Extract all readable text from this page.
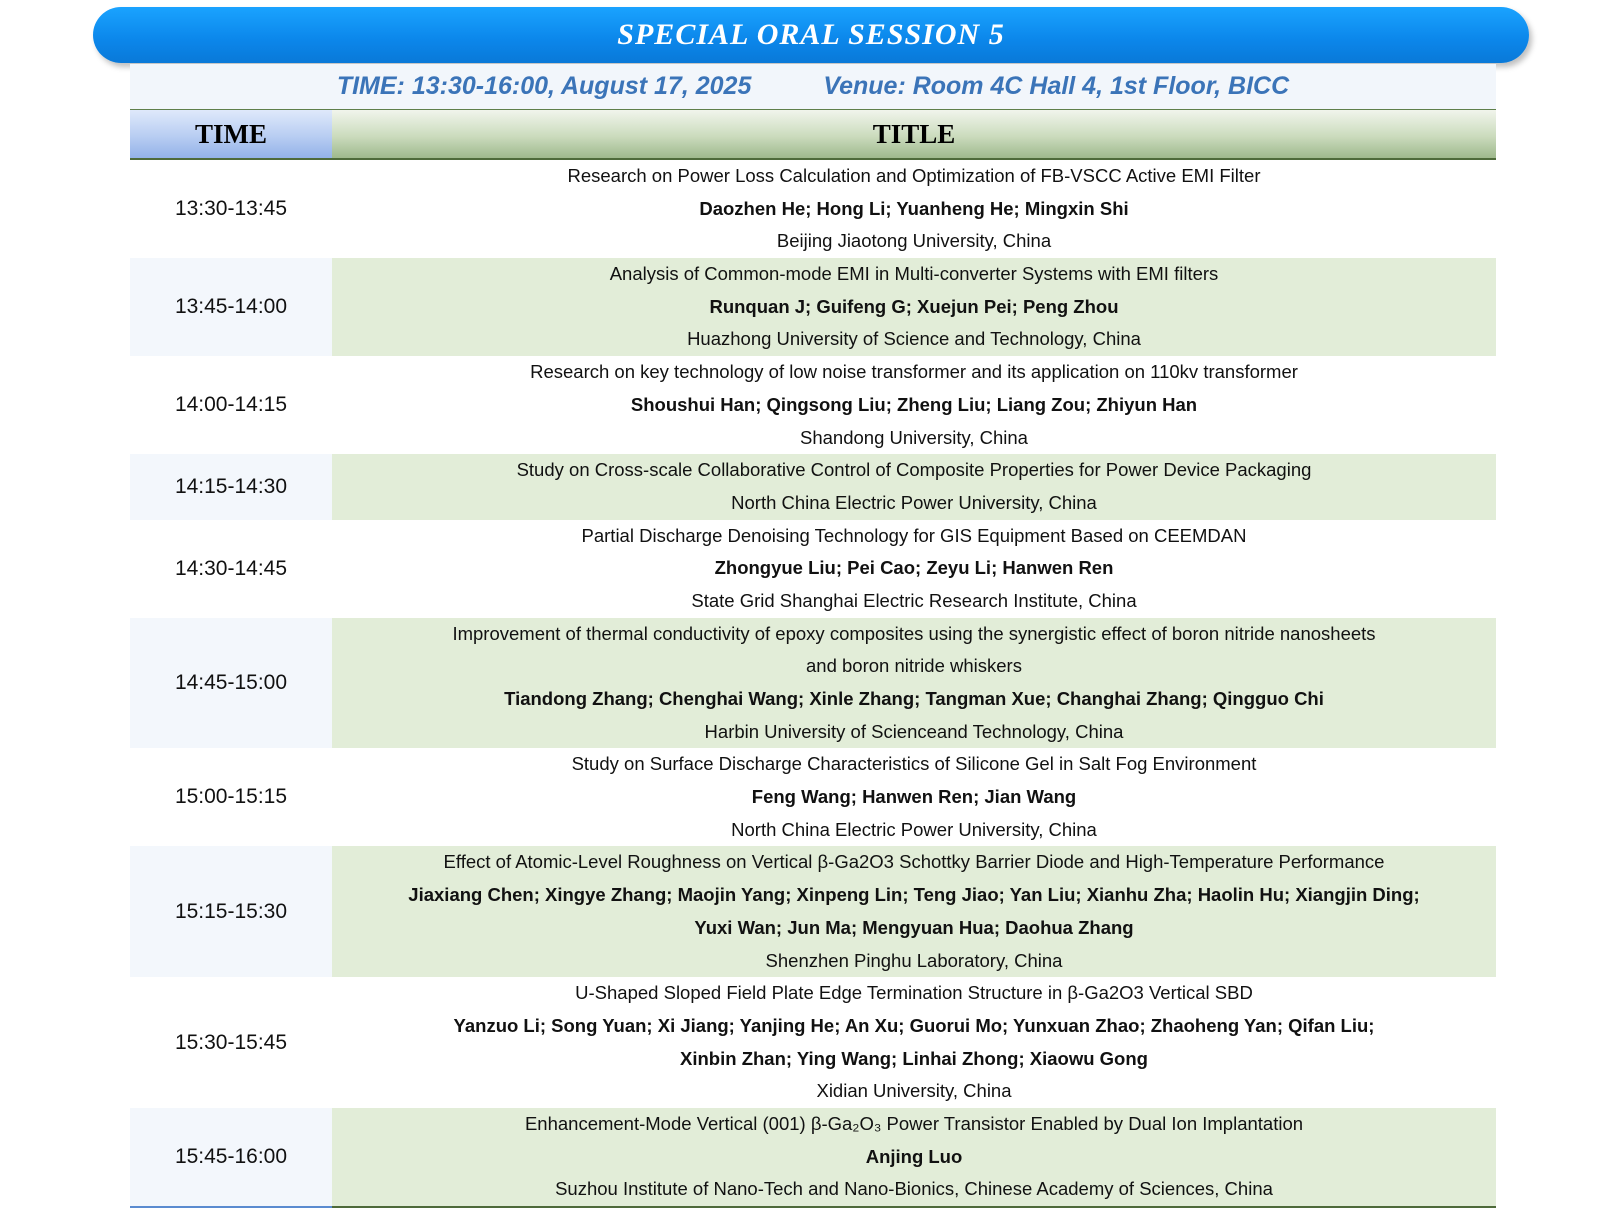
SPECIAL ORAL SESSION 5
TIME: 13:30-16:00, August 17, 2025	Venue: Room 4C Hall 4, 1st Floor, BICC
TIME	TITLE
13:30-13:45
Research on Power Loss Calculation and Optimization of FB-VSCC Active EMI Filter
Daozhen He; Hong Li; Yuanheng He; Mingxin Shi
Beijing Jiaotong University, China
13:45-14:00
Analysis of Common-mode EMI in Multi-converter Systems with EMI filters
Runquan J; Guifeng G; Xuejun Pei; Peng Zhou
Huazhong University of Science and Technology, China
14:00-14:15
Research on key technology of low noise transformer and its application on 110kv transformer
Shoushui Han; Qingsong Liu; Zheng Liu; Liang Zou; Zhiyun Han
Shandong University, China
14:15-14:30
Study on Cross-scale Collaborative Control of Composite Properties for Power Device Packaging
North China Electric Power University, China
14:30-14:45
Partial Discharge Denoising Technology for GIS Equipment Based on CEEMDAN
Zhongyue Liu; Pei Cao; Zeyu Li; Hanwen Ren
State Grid Shanghai Electric Research Institute, China
14:45-15:00
Improvement of thermal conductivity of epoxy composites using the synergistic effect of boron nitride nanosheets
and boron nitride whiskers
Tiandong Zhang; Chenghai Wang; Xinle Zhang; Tangman Xue; Changhai Zhang; Qingguo Chi
Harbin University of Scienceand Technology, China
15:00-15:15
Study on Surface Discharge Characteristics of Silicone Gel in Salt Fog Environment
Feng Wang; Hanwen Ren; Jian Wang
North China Electric Power University, China
15:15-15:30
Effect of Atomic-Level Roughness on Vertical β-Ga2O3 Schottky Barrier Diode and High-Temperature Performance
Jiaxiang Chen; Xingye Zhang; Maojin Yang; Xinpeng Lin; Teng Jiao; Yan Liu; Xianhu Zha; Haolin Hu; Xiangjin Ding;
Yuxi Wan; Jun Ma; Mengyuan Hua; Daohua Zhang
Shenzhen Pinghu Laboratory, China
15:30-15:45
U-Shaped Sloped Field Plate Edge Termination Structure in β-Ga2O3 Vertical SBD
Yanzuo Li; Song Yuan; Xi Jiang; Yanjing He; An Xu; Guorui Mo; Yunxuan Zhao; Zhaoheng Yan; Qifan Liu;
Xinbin Zhan; Ying Wang; Linhai Zhong; Xiaowu Gong
Xidian University, China
15:45-16:00
Enhancement-Mode Vertical (001) β-Ga₂O₃ Power Transistor Enabled by Dual Ion Implantation
Anjing Luo
Suzhou Institute of Nano-Tech and Nano-Bionics, Chinese Academy of Sciences, China
